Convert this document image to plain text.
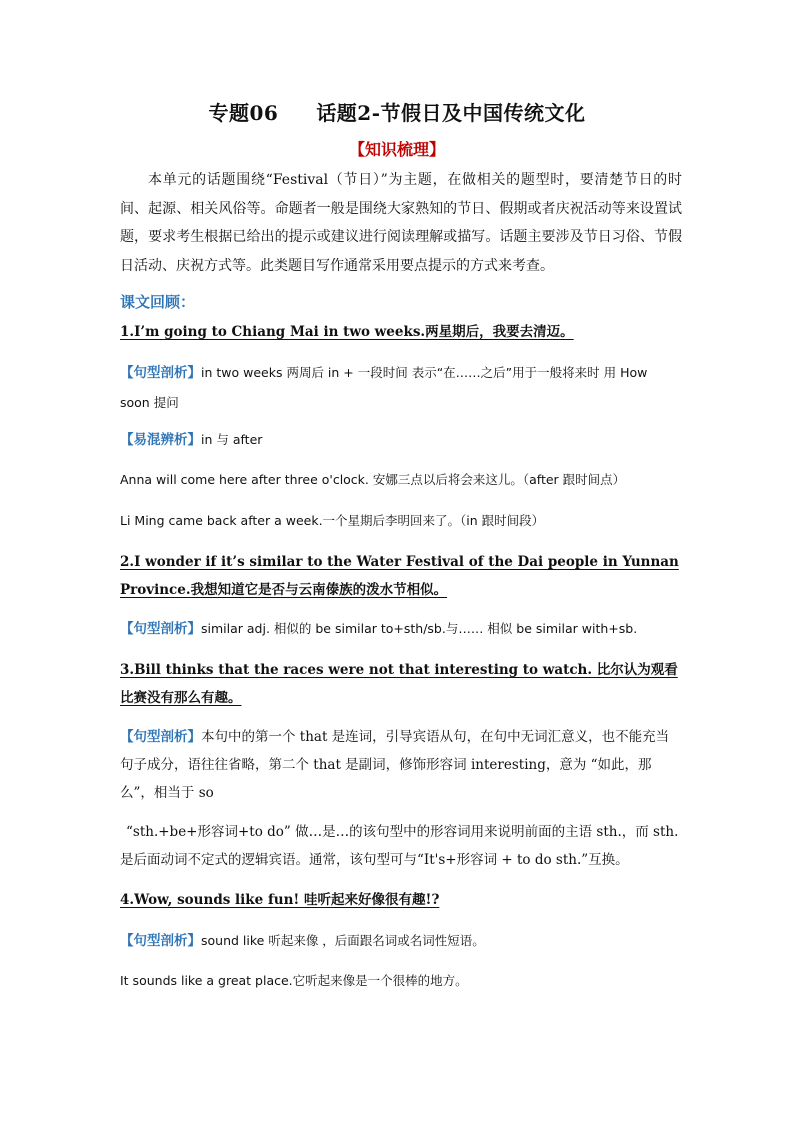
专题06 话题2-节假日及中国传统文化
【知识梳理】
本单元的话题围绕“Festival（节日）”为主题，在做相关的题型时，要清楚节日的时间、起源、相关风俗等。命题者一般是围绕大家熟知的节日、假期或者庆祝活动等来设置试题，要求考生根据已给出的提示或建议进行阅读理解或描写。话题主要涉及节日习俗、节假日活动、庆祝方式等。此类题目写作通常采用要点提示的方式来考查。
课文回顾：
1.I’m going to Chiang Mai in two weeks.两星期后，我要去清迈。
【句型剖析】in two weeks 两周后 in + 一段时间 表示“在……之后”用于一般将来时 用 How soon 提问
【易混辨析】in 与 after
Anna will come here after three o'clock. 安娜三点以后将会来这儿。（after 跟时间点）
Li Ming came back after a week.一个星期后李明回来了。（in 跟时间段）
2.I wonder if it’s similar to the Water Festival of the Dai people in Yunnan Province.我想知道它是否与云南傣族的泼水节相似。
【句型剖析】similar adj. 相似的 be similar to+sth/sb.与…… 相似 be similar with+sb.
3.Bill thinks that the races were not that interesting to watch. 比尔认为观看比赛没有那么有趣。
【句型剖析】本句中的第一个 that 是连词，引导宾语从句，在句中无词汇意义，也不能充当句子成分，语往往省略，第二个 that 是副词，修饰形容词 interesting，意为 “如此，那么”，相当于 so
“sth.+be+形容词+to do” 做…是…的该句型中的形容词用来说明前面的主语 sth.，而 sth.是后面动词不定式的逻辑宾语。通常，该句型可与“It's+形容词 + to do sth.”互换。
4.Wow, sounds like fun! 哇听起来好像很有趣!?
【句型剖析】sound like 听起来像 ，后面跟名词或名词性短语。
It sounds like a great place.它听起来像是一个很棒的地方。
